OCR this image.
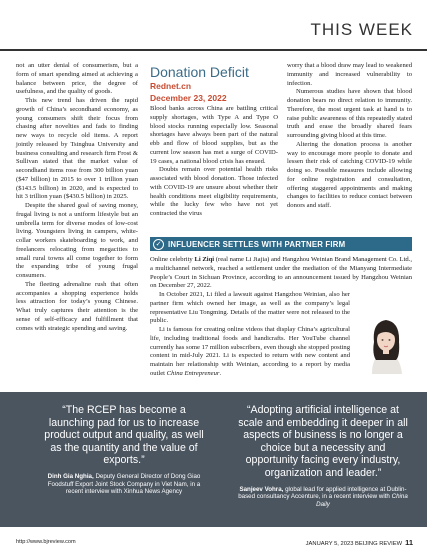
THIS WEEK

not an utter denial of consumerism, but a form of smart spending aimed at achieving a balance between price, the degree of usefulness, and the quality of goods.

This new trend has driven the rapid growth of China’s secondhand economy, as young consumers shift their focus from chasing after novelties and fads to finding new ways to recycle old items. A report jointly released by Tsinghua University and business consulting and research firm Frost & Sullivan stated that the market value of secondhand items rose from 300 billion yuan ($47 billion) in 2015 to over 1 trillion yuan ($143.5 billion) in 2020, and is expected to hit 3 trillion yuan ($430.5 billion) in 2025.

Despite the shared goal of saving money, frugal living is not a uniform lifestyle but an umbrella term for diverse modes of low-cost living. Youngsters living in campers, white-collar workers skateboarding to work, and freelancers relocating from megacities to small rural towns all come together to form the expanding tribe of young frugal consumers.

The fleeting adrenaline rush that often accompanies a shopping experience holds less attraction for today’s young Chinese. What truly captures their attention is the sense of self-efficacy and fulfillment that comes with strategic spending and saving.

Donation Deficit
Rednet.cn
December 23, 2022

Blood banks across China are battling critical supply shortages, with Type A and Type O blood stocks running especially low. Seasonal shortages have always been part of the natural ebb and flow of blood supplies, but as the current low season has met a surge of COVID-19 cases, a national blood crisis has ensued.

Doubts remain over potential health risks associated with blood donation. Those infected with COVID-19 are unsure about whether their health conditions meet eligibility requirements, while the lucky few who have not yet contracted the virus

worry that a blood draw may lead to weakened immunity and increased vulnerability to infection.

Numerous studies have shown that blood donation bears no direct relation to immunity. Therefore, the most urgent task at hand is to raise public awareness of this repeatedly stated truth and erase the broadly shared fears surrounding giving blood at this time.

Altering the donation process is another way to encourage more people to donate and lessen their risk of catching COVID-19 while doing so. Possible measures include allowing for online registration and consultation, offering staggered appointments and making changes to facilities to reduce contact between donors and staff.

✓ INFLUENCER SETTLES WITH PARTNER FIRM

Online celebrity Li Ziqi (real name Li Jiajia) and Hangzhou Weinian Brand Management Co. Ltd., a multichannel network, reached a settlement under the mediation of the Mianyang Intermediate People’s Court in Sichuan Province, according to an announcement issued by Hangzhou Weinian on December 27, 2022.

In October 2021, Li filed a lawsuit against Hangzhou Weinian, also her partner firm which owned her image, as well as the company’s legal representative Liu Tongming. Details of the matter were not released to the public.

Li is famous for creating online videos that display China’s agricultural life, including traditional foods and handicrafts. Her YouTube channel currently has some 17 million subscribers, even though she stopped posting content in mid-July 2021. Li is expected to return with new content and maintain her relationship with Weinian, according to a report by media outlet China Entrepreneur.

“The RCEP has become a launching pad for us to increase product output and quality, as well as the quantity and the value of exports.”
Dinh Gia Nghia, Deputy General Director of Dong Giao Foodstuff Export Joint Stock Company in Viet Nam, in a recent interview with Xinhua News Agency
“Adopting artificial intelligence at scale and embedding it deeper in all aspects of business is no longer a choice but a necessity and opportunity facing every industry, organization and leader.”
Sanjeev Vohra, global lead for applied intelligence at Dublin-based consultancy Accenture, in a recent interview with China Daily
http://www.bjreview.com	JANUARY 5, 2023 BEIJING REVIEW 11
